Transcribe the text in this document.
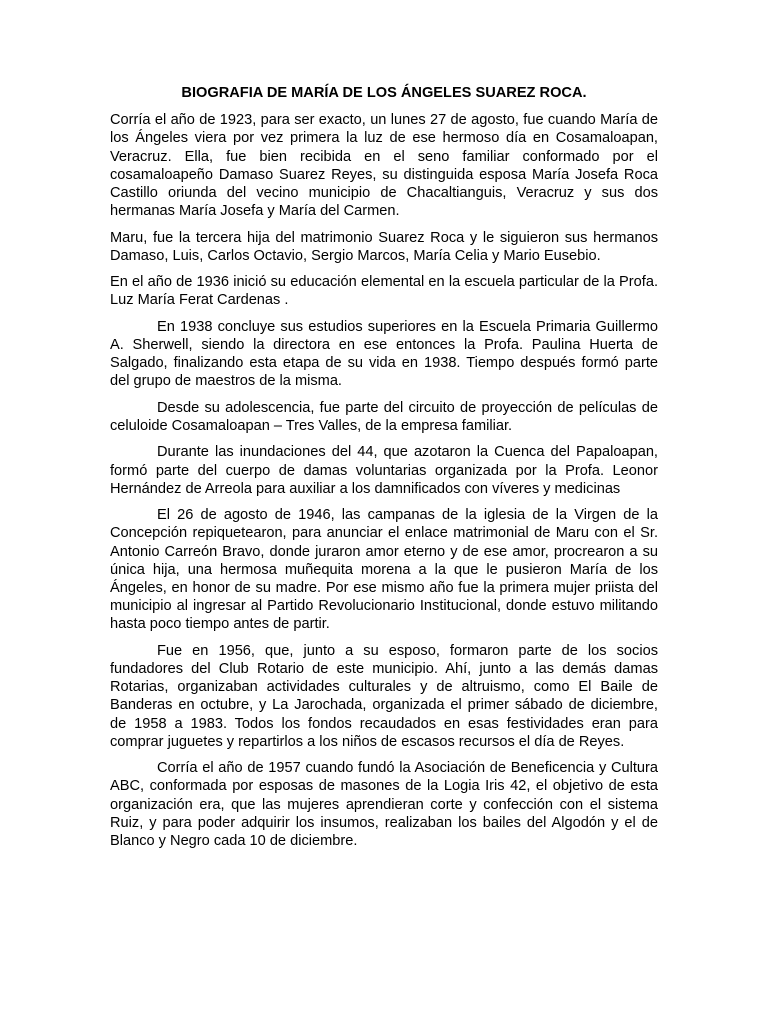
BIOGRAFIA DE MARÍA DE LOS ÁNGELES SUAREZ ROCA.

Corría el año de 1923, para ser exacto, un lunes 27 de agosto, fue cuando María de los Ángeles viera por vez primera la luz de ese hermoso día en Cosamaloapan, Veracruz. Ella, fue bien recibida en el seno familiar conformado por el cosamaloapeño Damaso Suarez Reyes, su distinguida esposa María Josefa Roca Castillo oriunda del vecino municipio de Chacaltianguis, Veracruz y sus dos hermanas María Josefa y María del Carmen.

Maru, fue la tercera hija del matrimonio Suarez Roca y le siguieron sus hermanos Damaso, Luis, Carlos Octavio, Sergio Marcos, María Celia y Mario Eusebio.

En el año de 1936 inició su educación elemental en la escuela particular de la Profa. Luz María Ferat Cardenas .

En 1938 concluye sus estudios superiores en la Escuela Primaria Guillermo A. Sherwell, siendo la directora en ese entonces la Profa. Paulina Huerta de Salgado, finalizando esta etapa de su vida en 1938. Tiempo después formó parte del grupo de maestros de la misma.

Desde su adolescencia, fue parte del circuito de proyección de películas de celuloide Cosamaloapan – Tres Valles, de la empresa familiar.

Durante las inundaciones del 44, que azotaron la Cuenca del Papaloapan, formó parte del cuerpo de damas voluntarias organizada por la Profa. Leonor Hernández de Arreola para auxiliar a los damnificados con víveres y medicinas

El 26 de agosto de 1946, las campanas de la iglesia de la Virgen de la Concepción repiquetearon, para anunciar el enlace matrimonial de Maru con el Sr. Antonio Carreón Bravo, donde juraron amor eterno y de ese amor, procrearon a su única hija, una hermosa muñequita morena a la que le pusieron María de los Ángeles, en honor de su madre. Por ese mismo año fue la primera mujer priista del municipio al ingresar al Partido Revolucionario Institucional, donde estuvo militando hasta poco tiempo antes de partir.

Fue en 1956, que, junto a su esposo, formaron parte de los socios fundadores del Club Rotario de este municipio. Ahí, junto a las demás damas Rotarias, organizaban actividades culturales y de altruismo, como El Baile de Banderas en octubre, y La Jarochada, organizada el primer sábado de diciembre, de 1958 a 1983. Todos los fondos recaudados en esas festividades eran para comprar juguetes y repartirlos a los niños de escasos recursos el día de Reyes.

Corría el año de 1957 cuando fundó la Asociación de Beneficencia y Cultura ABC, conformada por esposas de masones de la Logia Iris 42, el objetivo de esta organización era, que las mujeres aprendieran corte y confección con el sistema Ruiz, y para poder adquirir los insumos, realizaban los bailes del Algodón y el de Blanco y Negro cada 10 de diciembre.
